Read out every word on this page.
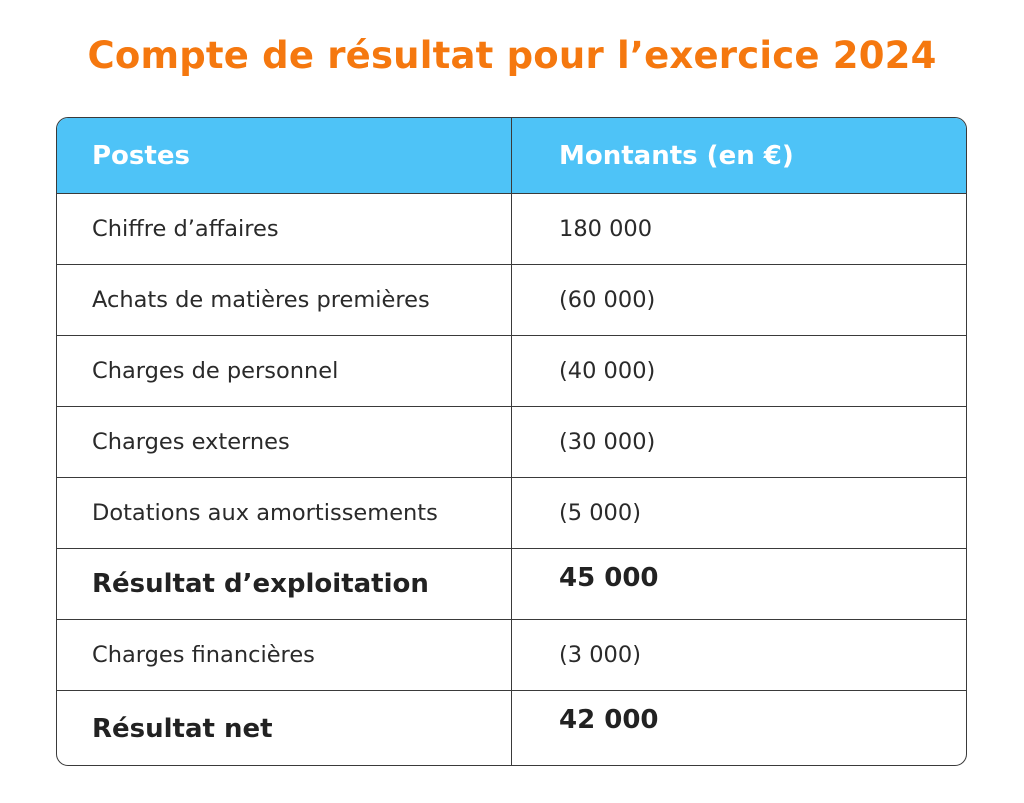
Compte de résultat pour l’exercice 2024
Postes	Montants (en €)
Chiffre d’affaires	180 000
Achats de matières premières	(60 000)
Charges de personnel	(40 000)
Charges externes	(30 000)
Dotations aux amortissements	(5 000)
Résultat d’exploitation	45 000
Charges financières	(3 000)
Résultat net	42 000
